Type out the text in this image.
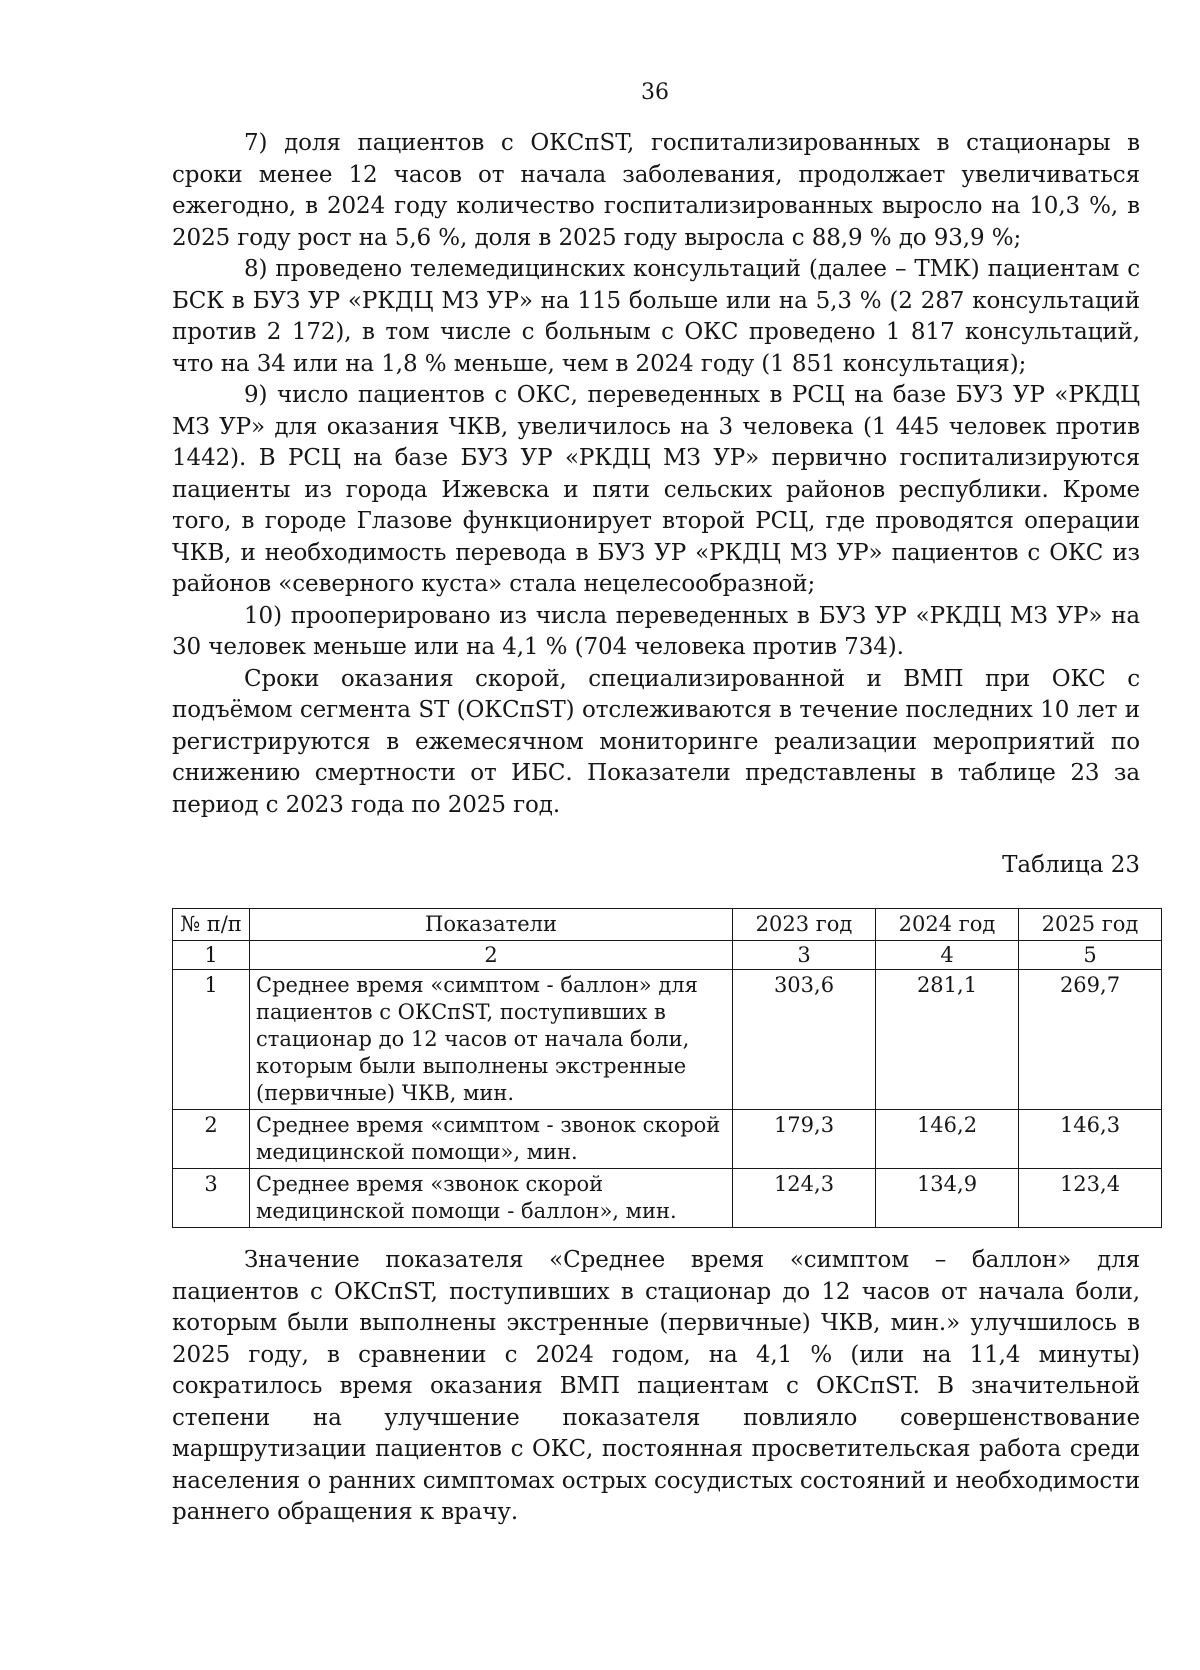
36

7) доля пациентов с ОКСпST, госпитализированных в стационары в сроки менее 12 часов от начала заболевания, продолжает увеличиваться ежегодно, в 2024 году количество госпитализированных выросло на 10,3 %, в 2025 году рост на 5,6 %, доля в 2025 году выросла с 88,9 % до 93,9 %;

8) проведено телемедицинских консультаций (далее – ТМК) пациентам с БСК в БУЗ УР «РКДЦ МЗ УР» на 115 больше или на 5,3 % (2 287 консультаций против 2 172), в том числе с больным с ОКС проведено 1 817 консультаций, что на 34 или на 1,8 % меньше, чем в 2024 году (1 851 консультация);

9) число пациентов с ОКС, переведенных в РСЦ на базе БУЗ УР «РКДЦ МЗ УР» для оказания ЧКВ, увеличилось на 3 человека (1 445 человек против 1442). В РСЦ на базе БУЗ УР «РКДЦ МЗ УР» первично госпитализируются пациенты из города Ижевска и пяти сельских районов республики. Кроме того, в городе Глазове функционирует второй РСЦ, где проводятся операции ЧКВ, и необходимость перевода в БУЗ УР «РКДЦ МЗ УР» пациентов с ОКС из районов «северного куста» стала нецелесообразной;

10) прооперировано из числа переведенных в БУЗ УР «РКДЦ МЗ УР» на 30 человек меньше или на 4,1 % (704 человека против 734).

Сроки оказания скорой, специализированной и ВМП при ОКС с подъёмом сегмента ST (ОКСпST) отслеживаются в течение последних 10 лет и регистрируются в ежемесячном мониторинге реализации мероприятий по снижению смертности от ИБС. Показатели представлены в таблице 23 за период с 2023 года по 2025 год.

Таблица 23
№ п/п	Показатели	2023 год	2024 год	2025 год
1	2	3	4	5
1	Среднее время «симптом - баллон» для пациентов с ОКСпST, поступивших в стационар до 12 часов от начала боли, которым были выполнены экстренные (первичные) ЧКВ, мин.	303,6	281,1	269,7
2	Среднее время «симптом - звонок скорой медицинской помощи», мин.	179,3	146,2	146,3
3	Среднее время «звонок скорой медицинской помощи - баллон», мин.	124,3	134,9	123,4

Значение показателя «Среднее время «симптом – баллон» для пациентов с ОКСпST, поступивших в стационар до 12 часов от начала боли, которым были выполнены экстренные (первичные) ЧКВ, мин.» улучшилось в 2025 году, в сравнении с 2024 годом, на 4,1 % (или на 11,4 минуты) сократилось время оказания ВМП пациентам с ОКСпST. В значительной степени на улучшение показателя повлияло совершенствование маршрутизации пациентов с ОКС, постоянная просветительская работа среди населения о ранних симптомах острых сосудистых состояний и необходимости раннего обращения к врачу.
